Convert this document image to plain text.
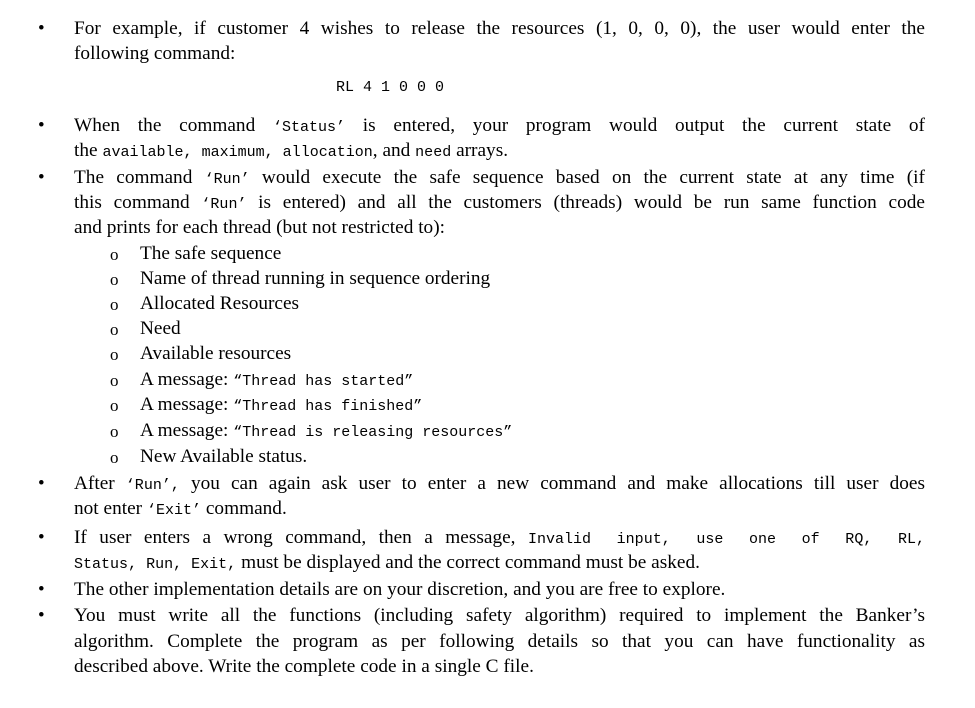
• For example, if customer 4 wishes to release the resources (1, 0, 0, 0), the user would enter the
following command:
RL 4 1 0 0 0
• When the command ‘Status’ is entered, your program would output the current state of
the available, maximum, allocation, and need arrays.
• The command ‘Run’ would execute the safe sequence based on the current state at any time (if
this command ‘Run’ is entered) and all the customers (threads) would be run same function code
and prints for each thread (but not restricted to):
o The safe sequence
o Name of thread running in sequence ordering
o Allocated Resources
o Need
o Available resources
o A message: “Thread has started”
o A message: “Thread has finished”
o A message: “Thread is releasing resources”
o New Available status.
• After ‘Run’, you can again ask user to enter a new command and make allocations till user does
not enter ‘Exit’ command.
• If user enters a wrong command, then a message, Invalid input, use one of RQ, RL,
Status, Run, Exit, must be displayed and the correct command must be asked.
• The other implementation details are on your discretion, and you are free to explore.
• You must write all the functions (including safety algorithm) required to implement the Banker’s
algorithm. Complete the program as per following details so that you can have functionality as
described above. Write the complete code in a single C file.
